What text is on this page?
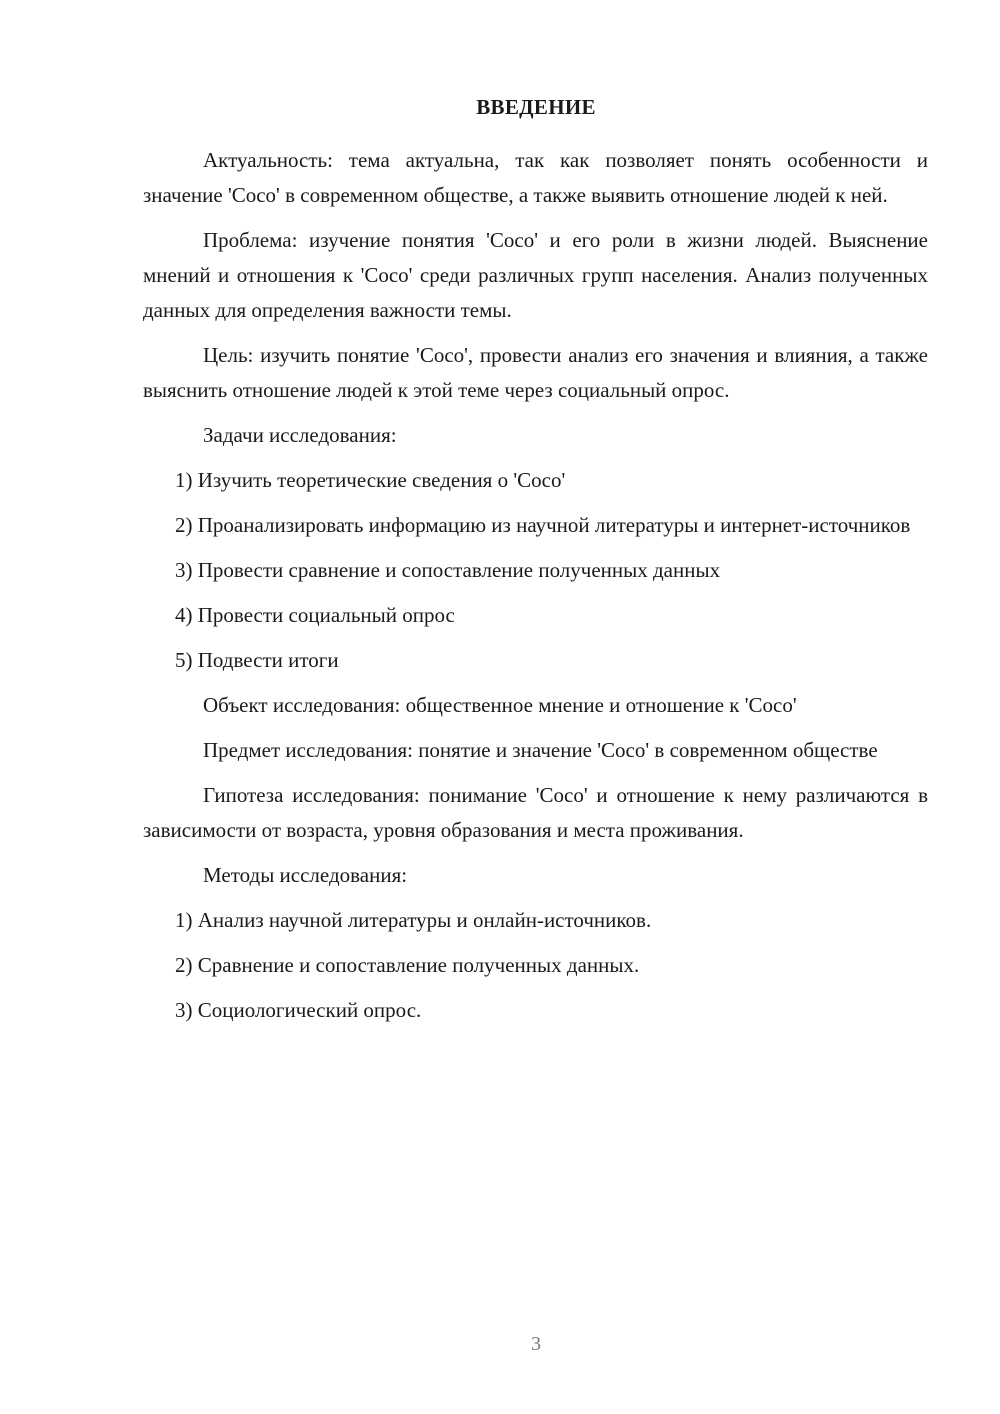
ВВЕДЕНИЕ

Актуальность: тема актуальна, так как позволяет понять особенности и значение 'Coco' в современном обществе, а также выявить отношение людей к ней.

Проблема: изучение понятия 'Coco' и его роли в жизни людей. Выяснение мнений и отношения к 'Coco' среди различных групп населения. Анализ полученных данных для определения важности темы.

Цель: изучить понятие 'Coco', провести анализ его значения и влияния, а также выяснить отношение людей к этой теме через социальный опрос.

Задачи исследования:

1) Изучить теоретические сведения о 'Coco'

2) Проанализировать информацию из научной литературы и интернет-источников

3) Провести сравнение и сопоставление полученных данных

4) Провести социальный опрос

5) Подвести итоги

Объект исследования: общественное мнение и отношение к 'Coco'

Предмет исследования: понятие и значение 'Coco' в современном обществе

Гипотеза исследования: понимание 'Coco' и отношение к нему различаются в зависимости от возраста, уровня образования и места проживания.

Методы исследования:

1) Анализ научной литературы и онлайн-источников.

2) Сравнение и сопоставление полученных данных.

3) Социологический опрос.

3
